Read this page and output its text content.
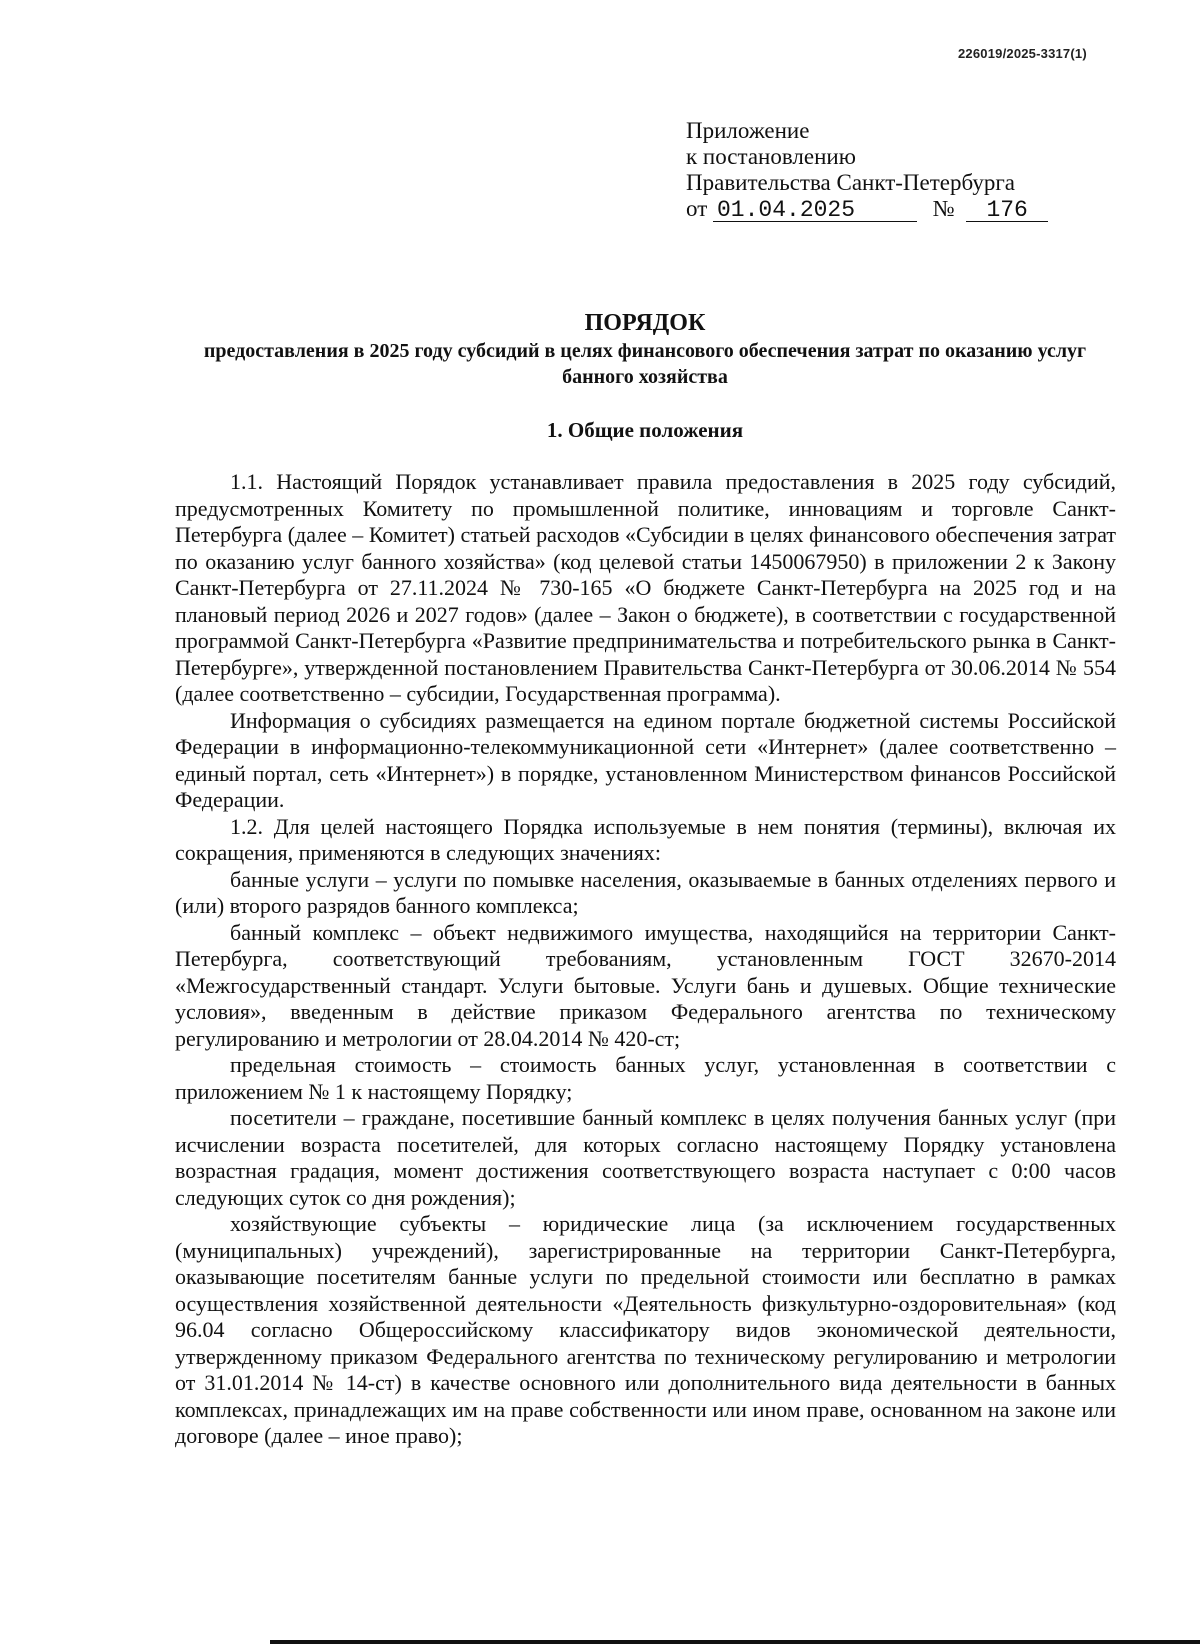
226019/2025-3317(1)
Приложение
к постановлению
Правительства Санкт-Петербурга
от 01.04.2025	№ 176
ПОРЯДОК
предоставления в 2025 году субсидий в целях финансового обеспечения затрат по оказанию услуг банного хозяйства
1. Общие положения

1.1. Настоящий Порядок устанавливает правила предоставления в 2025 году субсидий, предусмотренных Комитету по промышленной политике, инновациям и торговле Санкт-Петербурга (далее – Комитет) статьей расходов «Субсидии в целях финансового обеспечения затрат по оказанию услуг банного хозяйства» (код целевой статьи 1450067950) в приложении 2 к Закону Санкт-Петербурга от 27.11.2024 № 730-165 «О бюджете Санкт-Петербурга на 2025 год и на плановый период 2026 и 2027 годов» (далее – Закон о бюджете), в соответствии с государственной программой Санкт-Петербурга «Развитие предпринимательства и потребительского рынка в Санкт-Петербурге», утвержденной постановлением Правительства Санкт-Петербурга от 30.06.2014 № 554 (далее соответственно – субсидии, Государственная программа).

Информация о субсидиях размещается на едином портале бюджетной системы Российской Федерации в информационно-телекоммуникационной сети «Интернет» (далее соответственно – единый портал, сеть «Интернет») в порядке, установленном Министерством финансов Российской Федерации.

1.2. Для целей настоящего Порядка используемые в нем понятия (термины), включая их сокращения, применяются в следующих значениях:

банные услуги – услуги по помывке населения, оказываемые в банных отделениях первого и (или) второго разрядов банного комплекса;

банный комплекс – объект недвижимого имущества, находящийся на территории Санкт-Петербурга, соответствующий требованиям, установленным ГОСТ 32670-2014 «Межгосударственный стандарт. Услуги бытовые. Услуги бань и душевых. Общие технические условия», введенным в действие приказом Федерального агентства по техническому регулированию и метрологии от 28.04.2014 № 420-ст;

предельная стоимость – стоимость банных услуг, установленная в соответствии с приложением № 1 к настоящему Порядку;

посетители – граждане, посетившие банный комплекс в целях получения банных услуг (при исчислении возраста посетителей, для которых согласно настоящему Порядку установлена возрастная градация, момент достижения соответствующего возраста наступает с 0:00 часов следующих суток со дня рождения);

хозяйствующие субъекты – юридические лица (за исключением государственных (муниципальных) учреждений), зарегистрированные на территории Санкт-Петербурга, оказывающие посетителям банные услуги по предельной стоимости или бесплатно в рамках осуществления хозяйственной деятельности «Деятельность физкультурно-оздоровительная» (код 96.04 согласно Общероссийскому классификатору видов экономической деятельности, утвержденному приказом Федерального агентства по техническому регулированию и метрологии от 31.01.2014 № 14-ст) в качестве основного или дополнительного вида деятельности в банных комплексах, принадлежащих им на праве собственности или ином праве, основанном на законе или договоре (далее – иное право);
